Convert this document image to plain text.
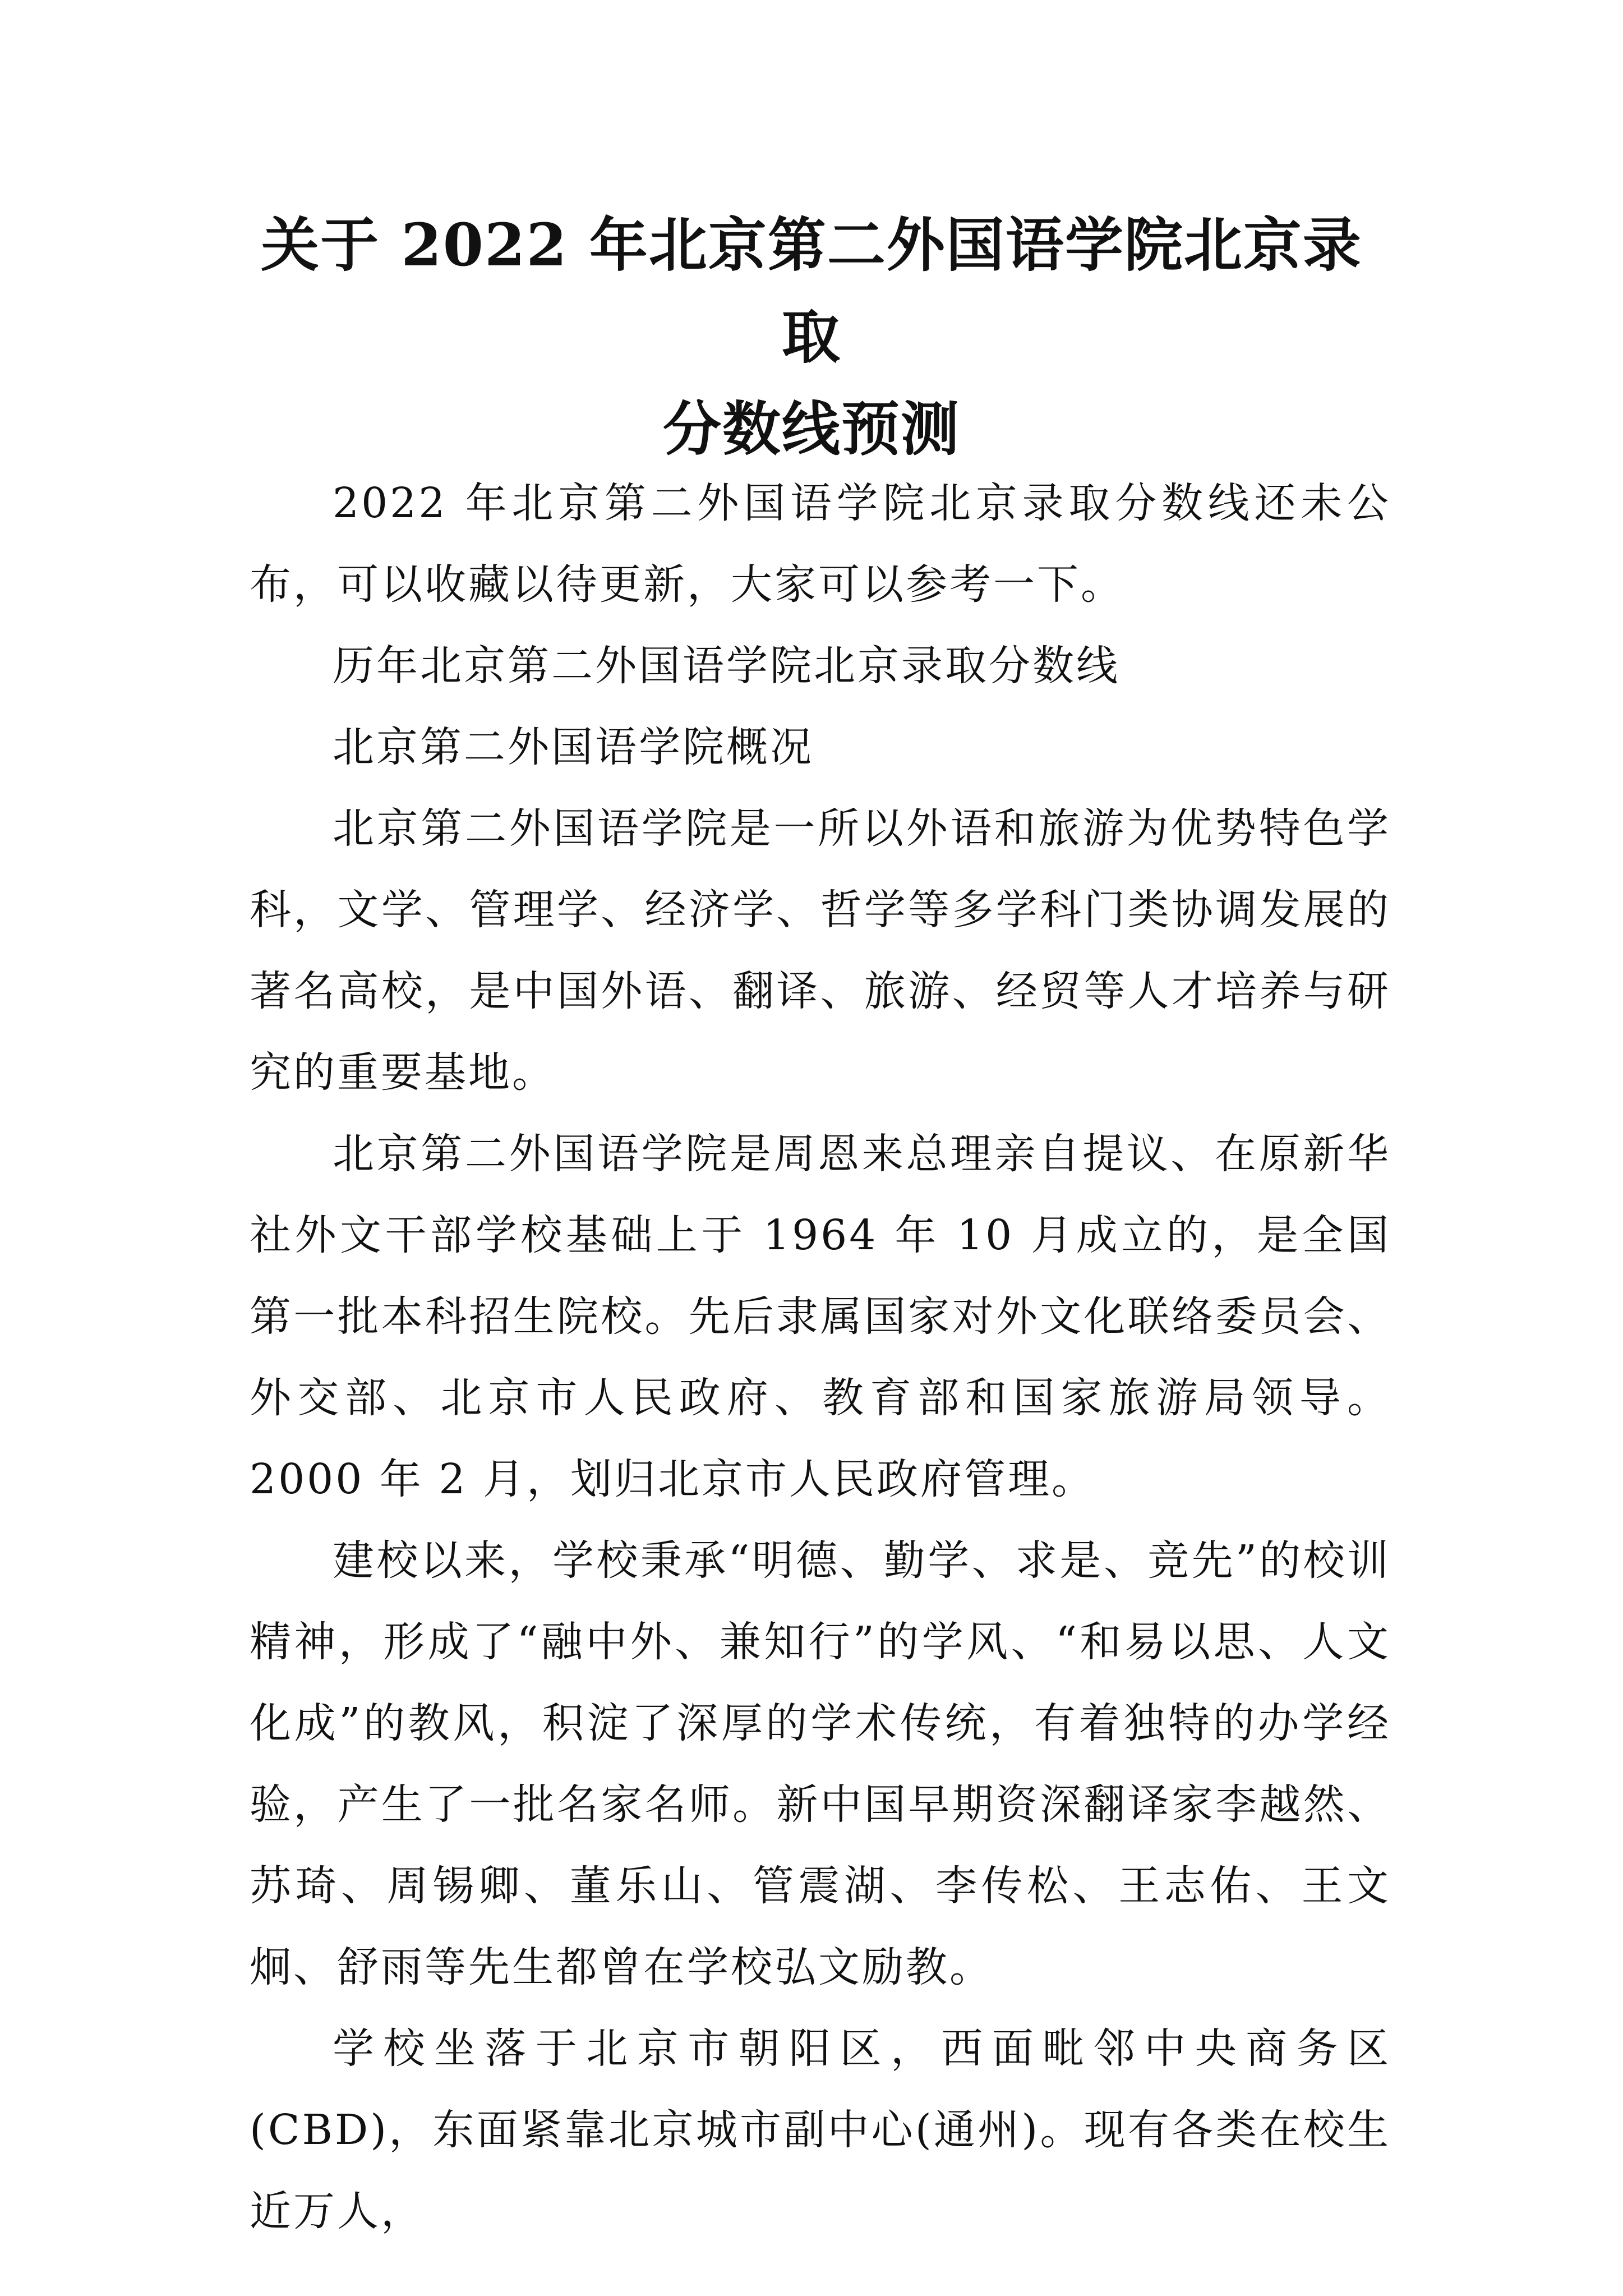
关于 2022 年北京第二外国语学院北京录取
分数线预测

2022 年北京第二外国语学院北京录取分数线还未公布，可以收藏以待更新，大家可以参考一下。

历年北京第二外国语学院北京录取分数线

北京第二外国语学院概况

北京第二外国语学院是一所以外语和旅游为优势特色学科，文学、管理学、经济学、哲学等多学科门类协调发展的著名高校，是中国外语、翻译、旅游、经贸等人才培养与研究的重要基地。

北京第二外国语学院是周恩来总理亲自提议、在原新华社外文干部学校基础上于 1964 年 10 月成立的，是全国第一批本科招生院校。先后隶属国家对外文化联络委员会、外交部、北京市人民政府、教育部和国家旅游局领导。2000 年 2 月，划归北京市人民政府管理。

建校以来，学校秉承“明德、勤学、求是、竞先”的校训精神，形成了“融中外、兼知行”的学风、“和易以思、人文化成”的教风，积淀了深厚的学术传统，有着独特的办学经验，产生了一批名家名师。新中国早期资深翻译家李越然、苏琦、周锡卿、董乐山、管震湖、李传松、王志佑、王文炯、舒雨等先生都曾在学校弘文励教。

学校坐落于北京市朝阳区，西面毗邻中央商务区(CBD)，东面紧靠北京城市副中心(通州)。现有各类在校生近万人，
